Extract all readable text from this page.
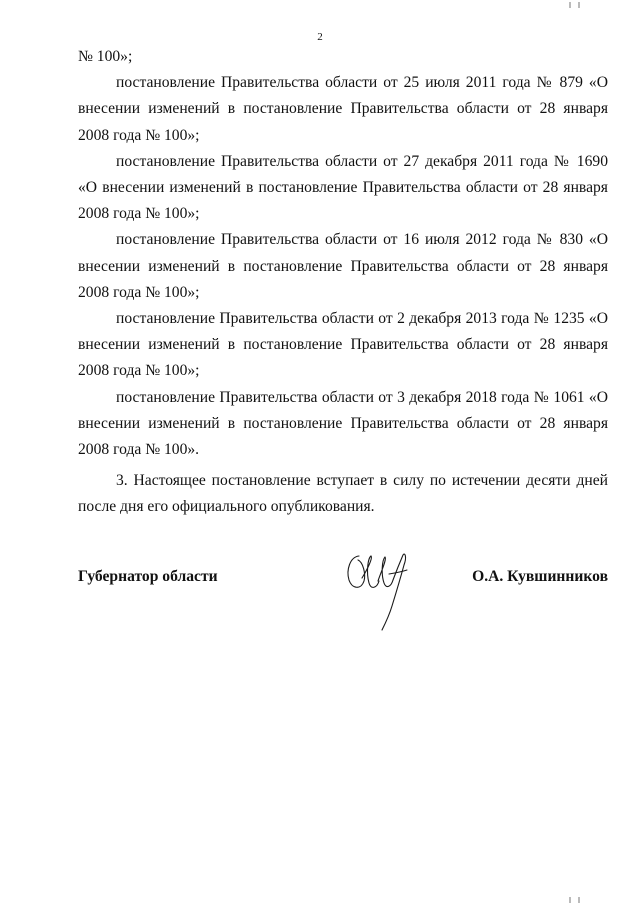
2

№ 100»;

постановление Правительства области от 25 июля 2011 года № 879 «О внесении изменений в постановление Правительства области от 28 января 2008 года № 100»;

постановление Правительства области от 27 декабря 2011 года № 1690 «О внесении изменений в постановление Правительства области от 28 января 2008 года № 100»;

постановление Правительства области от 16 июля 2012 года № 830 «О внесении изменений в постановление Правительства области от 28 января 2008 года № 100»;

постановление Правительства области от 2 декабря 2013 года № 1235 «О внесении изменений в постановление Правительства области от 28 января 2008 года № 100»;

постановление Правительства области от 3 декабря 2018 года № 1061 «О внесении изменений в постановление Правительства области от 28 января 2008 года № 100».

3. Настоящее постановление вступает в силу по истечении десяти дней после дня его официального опубликования.

Губернатор области	О.А. Кувшинников
